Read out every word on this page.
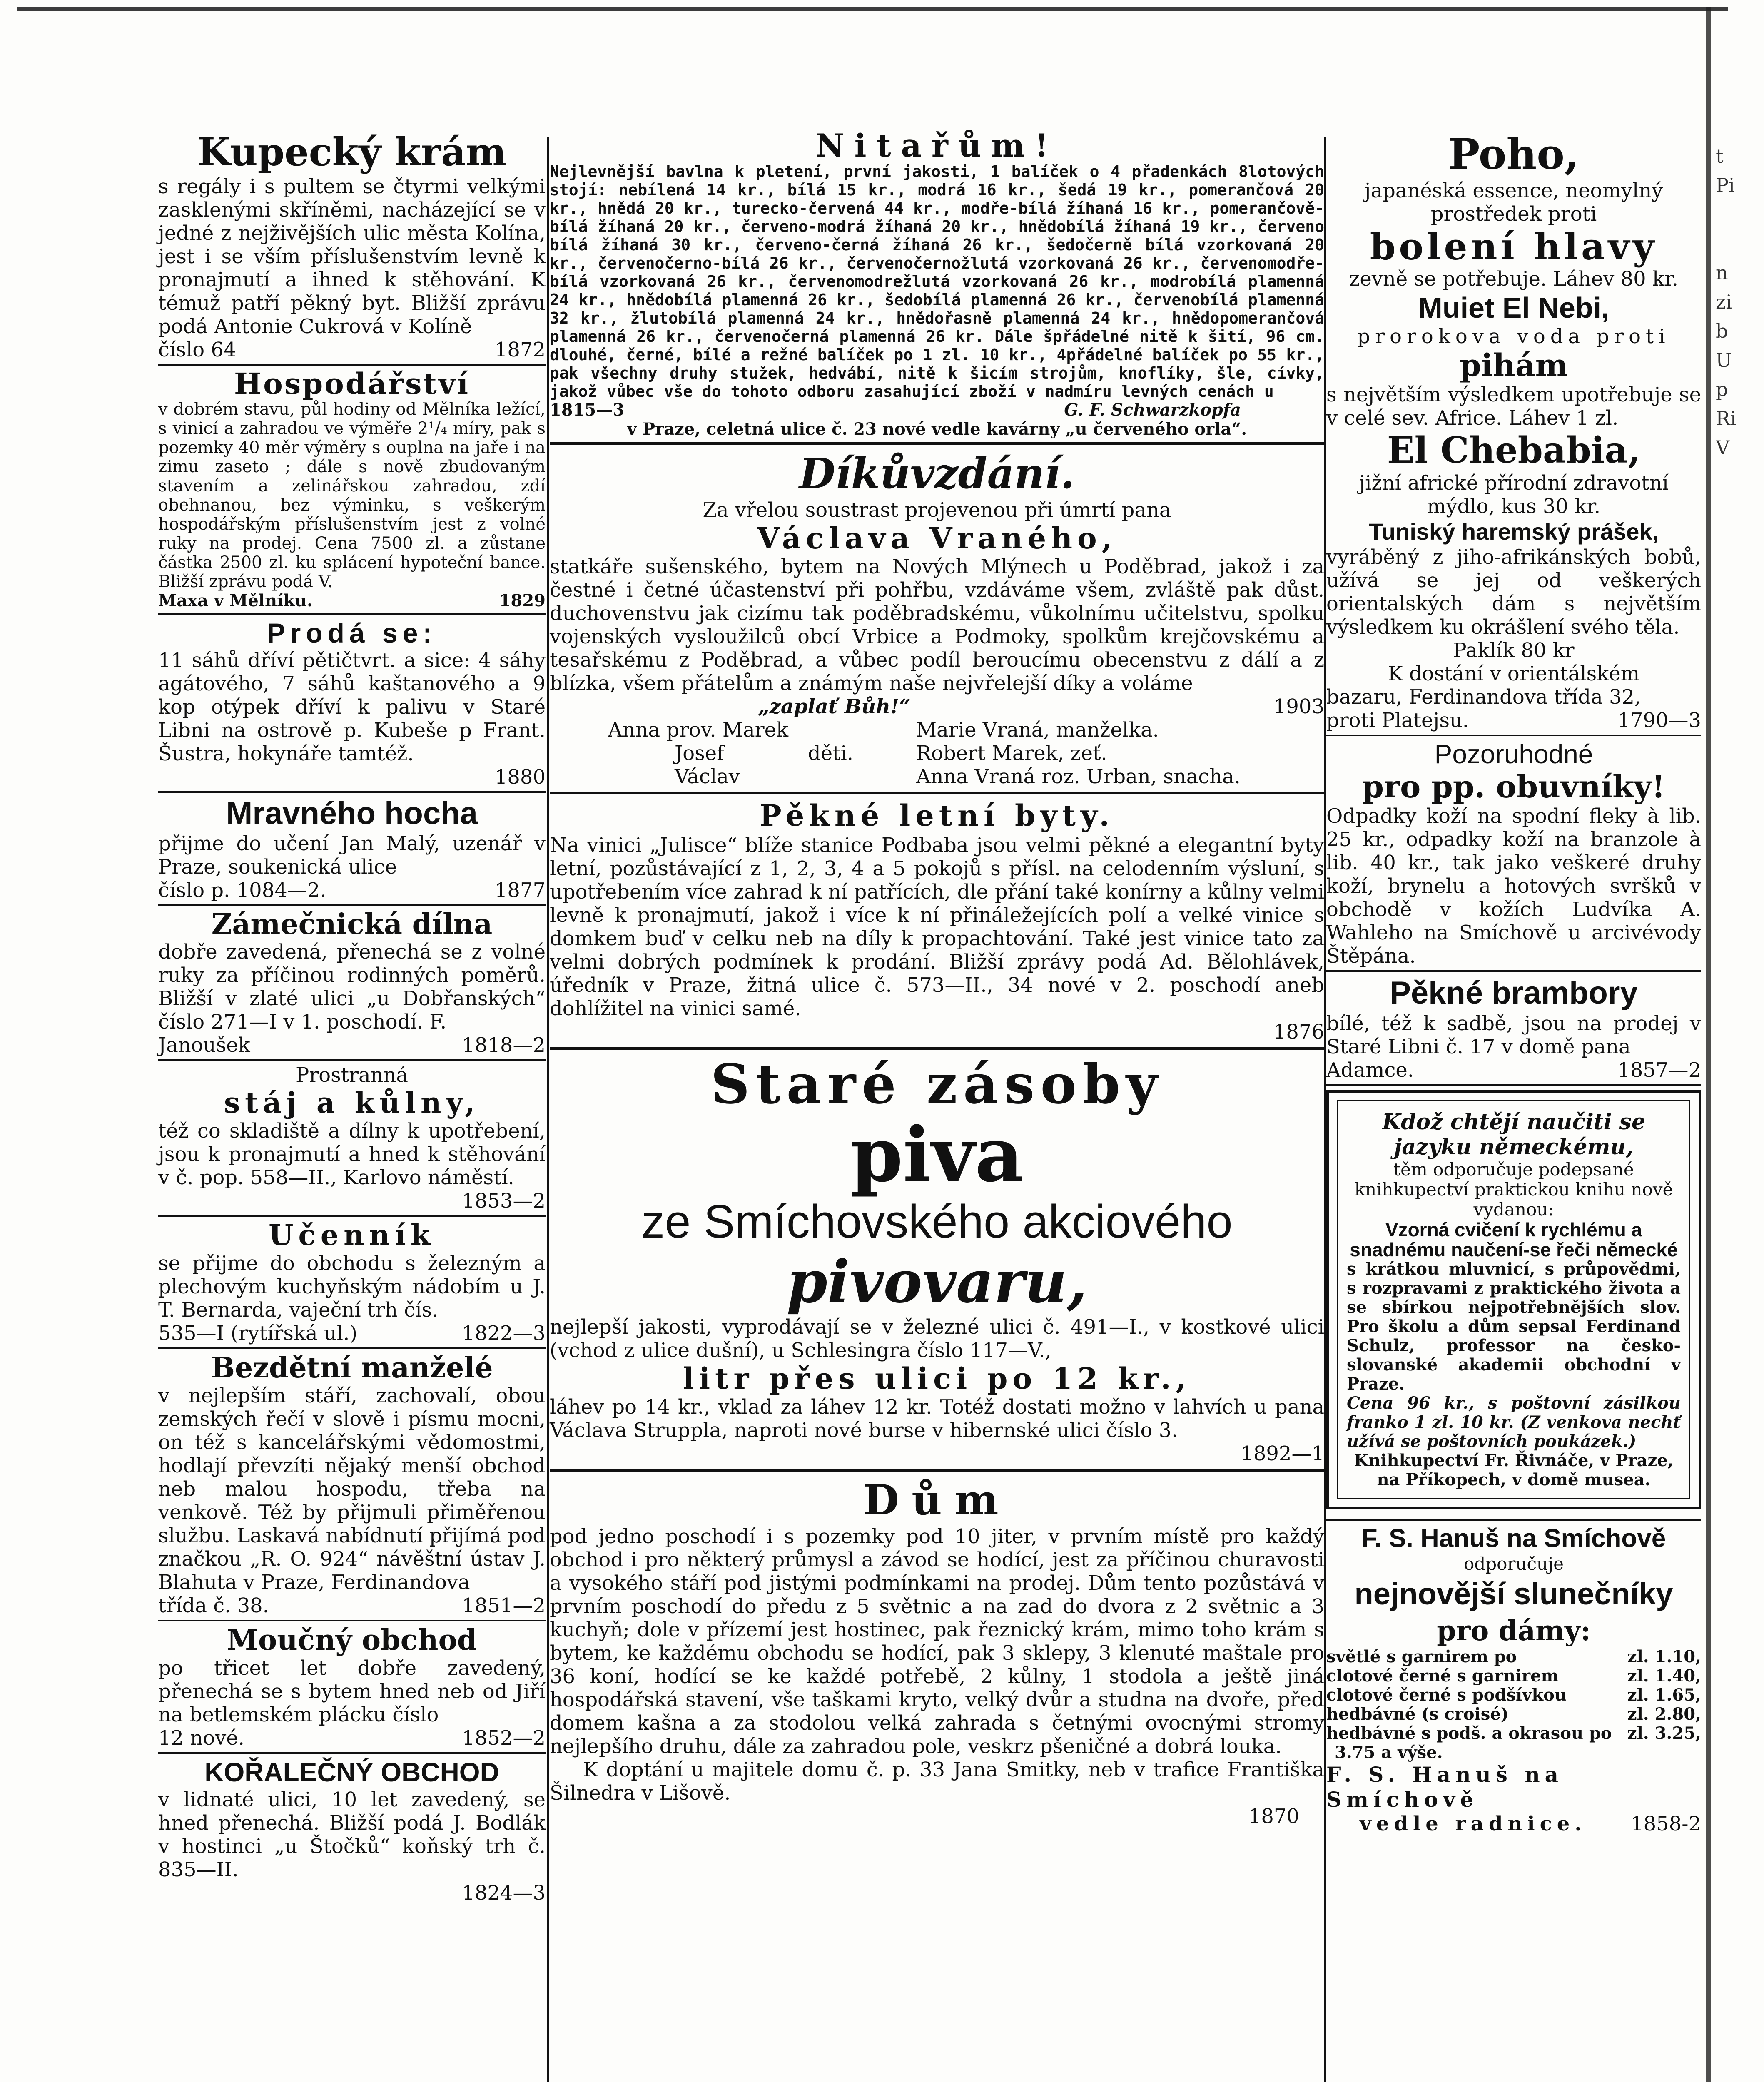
t
Pi
n
zi
b
U
p
Ri
V
Kupecký krám
s regály i s pultem se čtyrmi velkými zasklenými skříněmi, nacházející se v jedné z nejživějších ulic města Kolína, jest i se vším příslušenstvím levně k pronajmutí a ihned k stěhování. K témuž patří pěkný byt. Bližší zprávu podá Antonie Cukrová v Kolíně
číslo 64	1872
Hospodářství
v dobrém stavu, půl hodiny od Mělníka ležící, s vinicí a zahradou ve výměře 2¹/₄ míry, pak s pozemky 40 měr výměry s ouplna na jaře i na zimu zaseto ; dále s nově zbudovaným stavením a zelinářskou zahradou, zdí obehnanou, bez výminku, s veškerým hospodářským příslušenstvím jest z volné ruky na prodej. Cena 7500 zl. a zůstane částka 2500 zl. ku splácení hypoteční bance. Bližší zprávu podá V.
Maxa v Mělníku.	1829
Prodá se:
11 sáhů dříví pětičtvrt. a sice: 4 sáhy agátového, 7 sáhů kaštanového a 9 kop otýpek dříví k palivu v Staré Libni na ostrově p. Kubeše p Frant. Šustra, hokynáře tamtéž.
1880
Mravného hocha
přijme do učení Jan Malý, uzenář v Praze, soukenická ulice
číslo p. 1084—2.	1877
Zámečnická dílna
dobře zavedená, přenechá se z volné ruky za příčinou rodinných poměrů. Bližší v zlaté ulici „u Dobřanských“ číslo 271—I v 1. poschodí. F.
Janoušek	1818—2
Prostranná
stáj a kůlny,
též co skladiště a dílny k upotřebení, jsou k pronajmutí a hned k stěhování v č. pop. 558—II., Karlovo náměstí.
1853—2
Učenník
se přijme do obchodu s železným a plechovým kuchyňským nádobím u J. T. Bernarda, vaječní trh čís.
535—I (rytířská ul.)	1822—3
Bezdětní manželé
v nejlepším stáří, zachovalí, obou zemských řečí v slově i písmu mocni, on též s kancelářskými vědomostmi, hodlají převzíti nějaký menší obchod neb malou hospodu, třeba na venkově. Též by přijmuli přiměřenou službu. Laskavá nabídnutí přijímá pod značkou „R. O. 924“ návěštní ústav J. Blahuta v Praze, Ferdinandova
třída č. 38.	1851—2
Moučný obchod
po třicet let dobře zavedený, přenechá se s bytem hned neb od Jiří na betlemském plácku číslo
12 nové.	1852—2
KOŘALEČNÝ OBCHOD
v lidnaté ulici, 10 let zavedený, se hned přenechá. Bližší podá J. Bodlák v hostinci „u Štočků“ koňský trh č. 835—II.
1824—3
Nitařům!
Nejlevnější bavlna k pletení, první jakosti, 1 balíček o 4 přadenkách 8lotových stojí: nebílená 14 kr., bílá 15 kr., modrá 16 kr., šedá 19 kr., pomerančová 20 kr., hnědá 20 kr., turecko-červená 44 kr., modře-bílá žíhaná 16 kr., pomerančově-bílá žíhaná 20 kr., červeno-modrá žíhaná 20 kr., hnědobílá žíhaná 19 kr., červeno bílá žíhaná 30 kr., červeno-černá žíhaná 26 kr., šedočerně bílá vzorkovaná 20 kr., červenočerno-bílá 26 kr., červenočernožlutá vzorkovaná 26 kr., červenomodře-bílá vzorkovaná 26 kr., červenomodrežlutá vzorkovaná 26 kr., modrobílá plamenná 24 kr., hnědobílá plamenná 26 kr., šedobílá plamenná 26 kr., červenobílá plamenná 32 kr., žlutobílá plamenná 24 kr., hnědořasně plamenná 24 kr., hnědopomerančová plamenná 26 kr., červenočerná plamenná 26 kr. Dále špřádelné nitě k šití, 96 cm. dlouhé, černé, bílé a režné balíček po 1 zl. 10 kr., 4přádelné balíček po 55 kr., pak všechny druhy stužek, hedvábí, nitě k šicím strojům, knoflíky, šle, cívky, jakož vůbec vše do tohoto odboru zasahující zboží v nadmíru levných cenách u
1815—3	G. F. Schwarzkopfa
v Praze, celetná ulice č. 23 nové vedle kavárny „u červeného orla“.
Díkůvzdání.
Za vřelou soustrast projevenou při úmrtí pana
Václava Vraného,
statkáře sušenského, bytem na Nových Mlýnech u Poděbrad, jakož i za čestné i četné účastenství při pohřbu, vzdáváme všem, zvláště pak důst. duchovenstvu jak cizímu tak poděbradskému, vůkolnímu učitelstvu, spolku vojenských vysloužilců obcí Vrbice a Podmoky, spolkům krejčovskému a tesařskému z Poděbrad, a vůbec podíl beroucímu obecenstvu z dálí a z blízka, všem přátelům a známým naše nejvřelejší díky a voláme
„zaplať Bůh!“	1903
Anna prov. Marek	Marie Vraná, manželka.
Josef	děti.	Robert Marek, zeť.
Václav	Anna Vraná roz. Urban, snacha.
Pěkné letní byty.
Na vinici „Julisce“ blíže stanice Podbaba jsou velmi pěkné a elegantní byty letní, pozůstávající z 1, 2, 3, 4 a 5 pokojů s přísl. na celodenním výsluní, s upotřebením více zahrad k ní patřících, dle přání také konírny a kůlny velmi levně k pronajmutí, jakož i více k ní přináležejících polí a velké vinice s domkem buď v celku neb na díly k propachtování. Také jest vinice tato za velmi dobrých podmínek k prodání. Bližší zprávy podá Ad. Bělohlávek, úředník v Praze, žitná ulice č. 573—II., 34 nové v 2. poschodí aneb dohlížitel na vinici samé.
1876
Staré zásoby
piva
ze Smíchovského akciového
pivovaru,
nejlepší jakosti, vyprodávají se v železné ulici č. 491—I., v kostkové ulici (vchod z ulice dušní), u Schlesingra číslo 117—V.,
litr přes ulici po 12 kr.,
láhev po 14 kr., vklad za láhev 12 kr. Totéž dostati možno v lahvích u pana Václava Struppla, naproti nové burse v hibernské ulici číslo 3.
1892—1
Dům
pod jedno poschodí i s pozemky pod 10 jiter, v prvním místě pro každý obchod i pro některý průmysl a závod se hodící, jest za příčinou churavosti a vysokého stáří pod jistými podmínkami na prodej. Dům tento pozůstává v prvním poschodí do předu z 5 světnic a na zad do dvora z 2 světnic a 3 kuchyň; dole v přízemí jest hostinec, pak řeznický krám, mimo toho krám s bytem, ke každému obchodu se hodící, pak 3 sklepy, 3 klenuté maštale pro 36 koní, hodící se ke každé potřebě, 2 kůlny, 1 stodola a ještě jiná hospodářská stavení, vše taškami kryto, velký dvůr a studna na dvoře, před domem kašna a za stodolou velká zahrada s četnými ovocnými stromy nejlepšího druhu, dále za zahradou pole, veskrz pšeničné a dobrá louka.
K doptání u majitele domu č. p. 33 Jana Smitky, neb v trafice Františka Šilnedra v Lišově.
1870
Poho,
japanéská essence, neomylný prostředek proti
bolení hlavy
zevně se potřebuje. Láhev 80 kr.
Muiet El Nebi,
prorokova voda proti
pihám
s největším výsledkem upotřebuje se v celé sev. Africe. Láhev 1 zl.
El Chebabia,
jižní africké přírodní zdravotní mýdlo, kus 30 kr.
Tuniský haremský prášek,
vyráběný z jiho-afrikánských bobů, užívá se jej od veškerých orientalských dám s největším výsledkem ku okrášlení svého těla.
Paklík 80 kr
K dostání v orientálském
bazaru, Ferdinandova třída 32,
proti Platejsu.	1790—3
Pozoruhodné
pro pp. obuvníky!
Odpadky koží na spodní fleky à lib. 25 kr., odpadky koží na branzole à lib. 40 kr., tak jako veškeré druhy koží, brynelu a hotových svršků v obchodě v kožích Ludvíka A. Wahleho na Smíchově u arcivévody Štěpána.
Pěkné brambory
bílé, též k sadbě, jsou na prodej v Staré Libni č. 17 v domě pana
Adamce.	1857—2
Kdož chtějí naučiti se jazyku německému,
těm odporučuje podepsané knihkupectví praktickou knihu nově vydanou:
Vzorná cvičení k rychlému a snadnému naučení-se řeči německé
s krátkou mluvnicí, s průpovědmi, s rozpravami z praktického života a se sbírkou nejpotřebnějších slov. Pro školu a dům sepsal Ferdinand Schulz, professor na česko-slovanské akademii obchodní v Praze.
Cena 96 kr., s poštovní zásilkou franko 1 zl. 10 kr. (Z venkova nechť užívá se poštovních poukázek.)
Knihkupectví Fr. Řivnáče, v Praze, na Příkopech, v domě musea.
F. S. Hanuš na Smíchově
odporučuje
nejnovější slunečníky
pro dámy:
světlé s garnirem po	zl. 1.10,
clotové černé s garnirem	zl. 1.40,
clotové černé s podšívkou	zl. 1.65,
hedbávné (s croisé)	zl. 2.80,
hedbávné s podš. a okrasou po zl. 3.25,
3.75 a výše.
F. S. Hanuš na Smíchově
vedle radnice. 1858-2
